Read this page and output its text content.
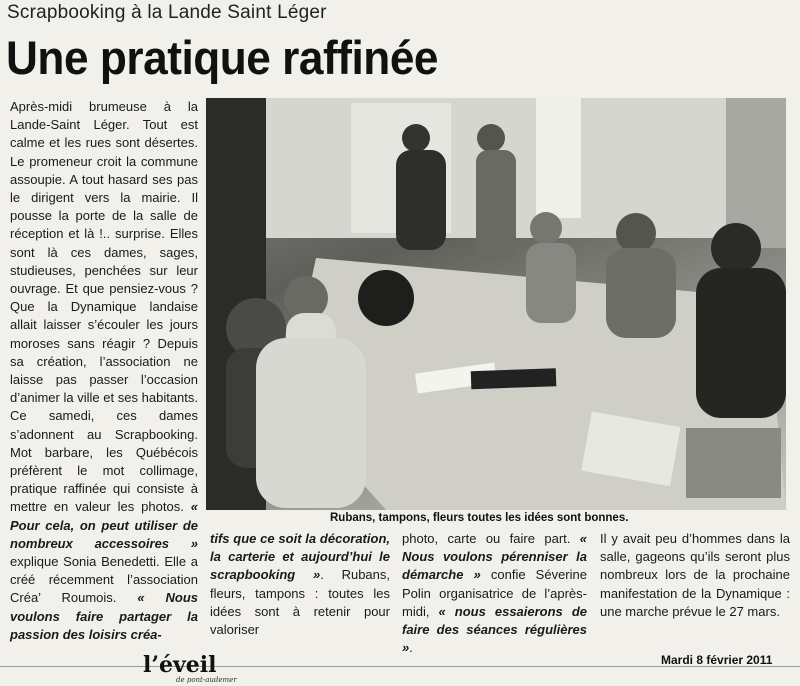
Scrapbooking à la Lande Saint Léger
Une pratique raffinée

Après-midi brumeuse à la Lande-Saint Léger. Tout est calme et les rues sont désertes. Le promeneur croit la commune assoupie. A tout hasard ses pas le dirigent vers la mairie. Il pousse la porte de la salle de réception et là !.. surprise. Elles sont là ces dames, sages, studieuses, penchées sur leur ouvrage. Et que pensiez-vous ? Que la Dynamique landaise allait laisser s’écouler les jours moroses sans réagir ? Depuis sa création, l’association ne laisse pas passer l’occasion d’animer la ville et ses habitants. Ce samedi, ces dames s’adonnent au Scrapbooking. Mot barbare, les Québécois préfèrent le mot collimage, pratique raffinée qui consiste à mettre en valeur les photos. « Pour cela, on peut utiliser de nombreux accessoires » explique Sonia Benedetti. Elle a créé récemment l’association Créa’ Roumois. « Nous voulons faire partager la passion des loisirs créa-

Rubans, tampons, fleurs toutes les idées sont bonnes.

tifs que ce soit la décoration, la carterie et aujourd’hui le scrapbooking ». Rubans, fleurs, tampons : toutes les idées sont à retenir pour valoriser

photo, carte ou faire part. « Nous voulons pérenniser la démarche » confie Séverine Polin organisatrice de l’après-midi, « nous essaierons de faire des séances régulières ».

Il y avait peu d’hommes dans la salle, gageons qu’ils seront plus nombreux lors de la prochaine manifestation de la Dynamique : une marche prévue le 27 mars.

l’éveil
de pont-audemer
Mardi 8 février 2011
